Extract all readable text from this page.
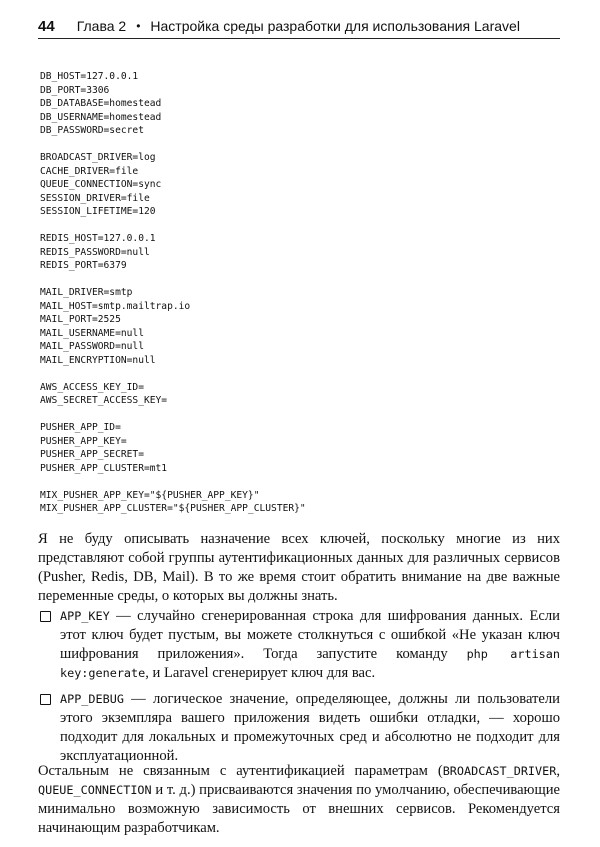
44 Глава 2 • Настройка среды разработки для использования Laravel
DB_HOST=127.0.0.1
DB_PORT=3306
DB_DATABASE=homestead
DB_USERNAME=homestead
DB_PASSWORD=secret
BROADCAST_DRIVER=log
CACHE_DRIVER=file
QUEUE_CONNECTION=sync
SESSION_DRIVER=file
SESSION_LIFETIME=120
REDIS_HOST=127.0.0.1
REDIS_PASSWORD=null
REDIS_PORT=6379
MAIL_DRIVER=smtp
MAIL_HOST=smtp.mailtrap.io
MAIL_PORT=2525
MAIL_USERNAME=null
MAIL_PASSWORD=null
MAIL_ENCRYPTION=null
AWS_ACCESS_KEY_ID=
AWS_SECRET_ACCESS_KEY=
PUSHER_APP_ID=
PUSHER_APP_KEY=
PUSHER_APP_SECRET=
PUSHER_APP_CLUSTER=mt1
MIX_PUSHER_APP_KEY="${PUSHER_APP_KEY}"
MIX_PUSHER_APP_CLUSTER="${PUSHER_APP_CLUSTER}"

Я не буду описывать назначение всех ключей, поскольку многие из них представляют собой группы аутентификационных данных для различных сервисов (Pusher, Redis, DB, Mail). В то же время стоит обратить внимание на две важные переменные среды, о которых вы должны знать.

APP_KEY — случайно сгенерированная строка для шифрования данных. Если этот ключ будет пустым, вы можете столкнуться с ошибкой «Не указан ключ шифрования приложения». Тогда запустите команду php artisan key:generate, и Laravel сгенерирует ключ для вас.
APP_DEBUG — логическое значение, определяющее, должны ли пользователи этого экземпляра вашего приложения видеть ошибки отладки, — хорошо подходит для локальных и промежуточных сред и абсолютно не подходит для эксплуатационной.

Остальным не связанным с аутентификацией параметрам (BROADCAST_DRIVER, QUEUE_CONNECTION и т. д.) присваиваются значения по умолчанию, обеспечивающие минимально возможную зависимость от внешних сервисов. Рекомендуется начинающим разработчикам.
